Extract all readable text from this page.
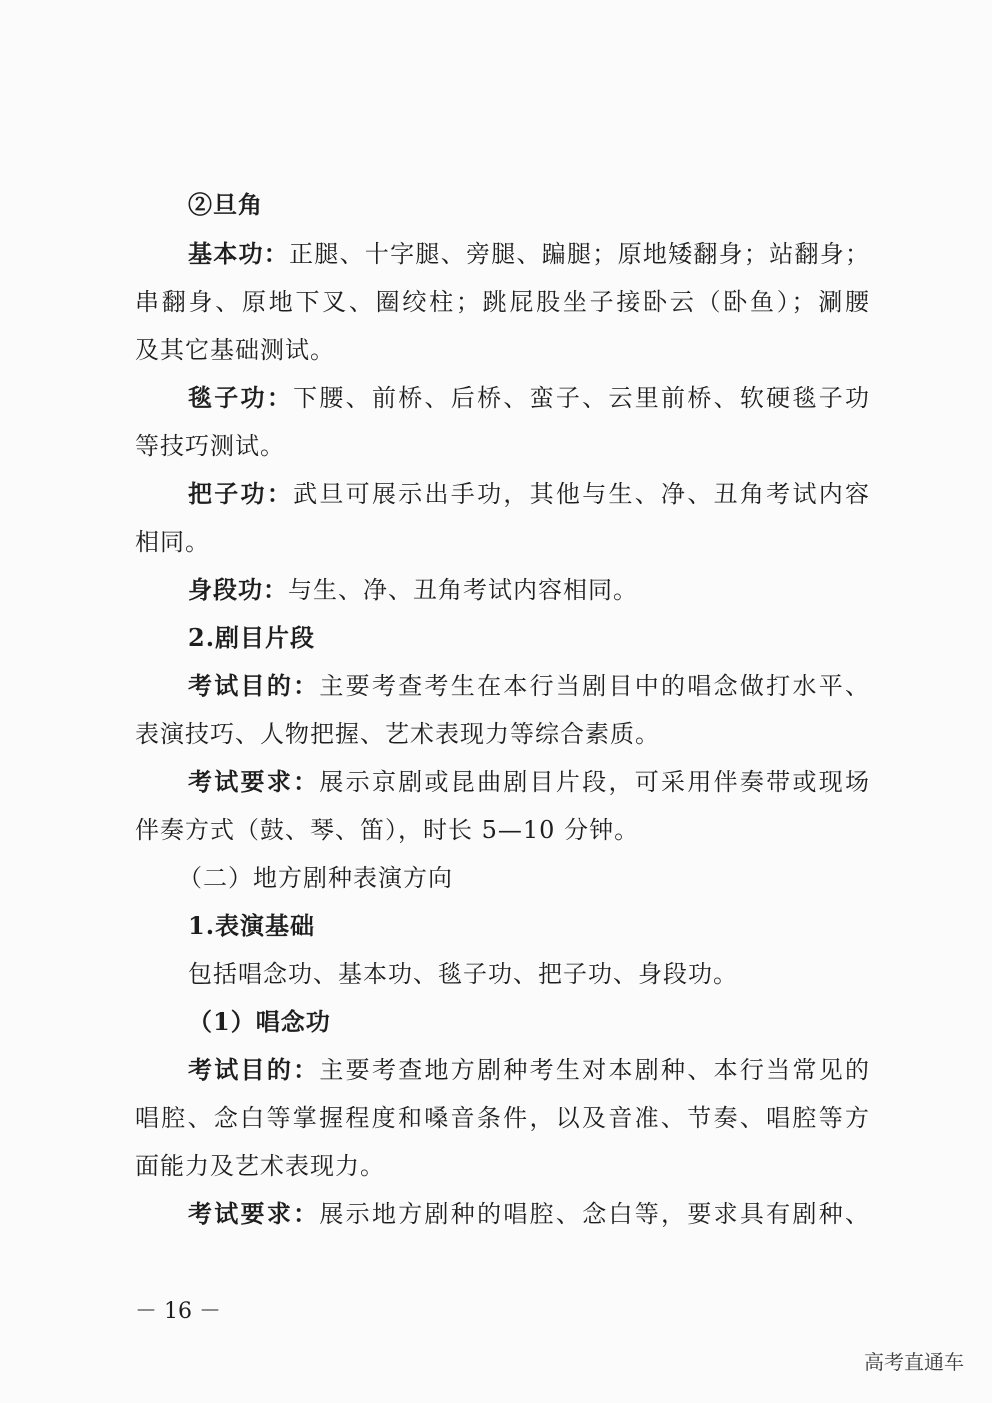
②旦角
基本功：正腿、十字腿、旁腿、蹁腿；原地矮翻身；站翻身；
串翻身、原地下叉、圈绞柱；跳屁股坐子接卧云（卧鱼）；涮腰
及其它基础测试。
毯子功：下腰、前桥、后桥、蛮子、云里前桥、软硬毯子功
等技巧测试。
把子功：武旦可展示出手功，其他与生、净、丑角考试内容
相同。
身段功：与生、净、丑角考试内容相同。
2.剧目片段
考试目的：主要考查考生在本行当剧目中的唱念做打水平、
表演技巧、人物把握、艺术表现力等综合素质。
考试要求：展示京剧或昆曲剧目片段，可采用伴奏带或现场
伴奏方式（鼓、琴、笛），时长 5—10 分钟。
（二）地方剧种表演方向
1.表演基础
包括唱念功、基本功、毯子功、把子功、身段功。
（1）唱念功
考试目的：主要考查地方剧种考生对本剧种、本行当常见的
唱腔、念白等掌握程度和嗓音条件，以及音准、节奏、唱腔等方
面能力及艺术表现力。
考试要求：展示地方剧种的唱腔、念白等，要求具有剧种、
－ 16 －
高考直通车
